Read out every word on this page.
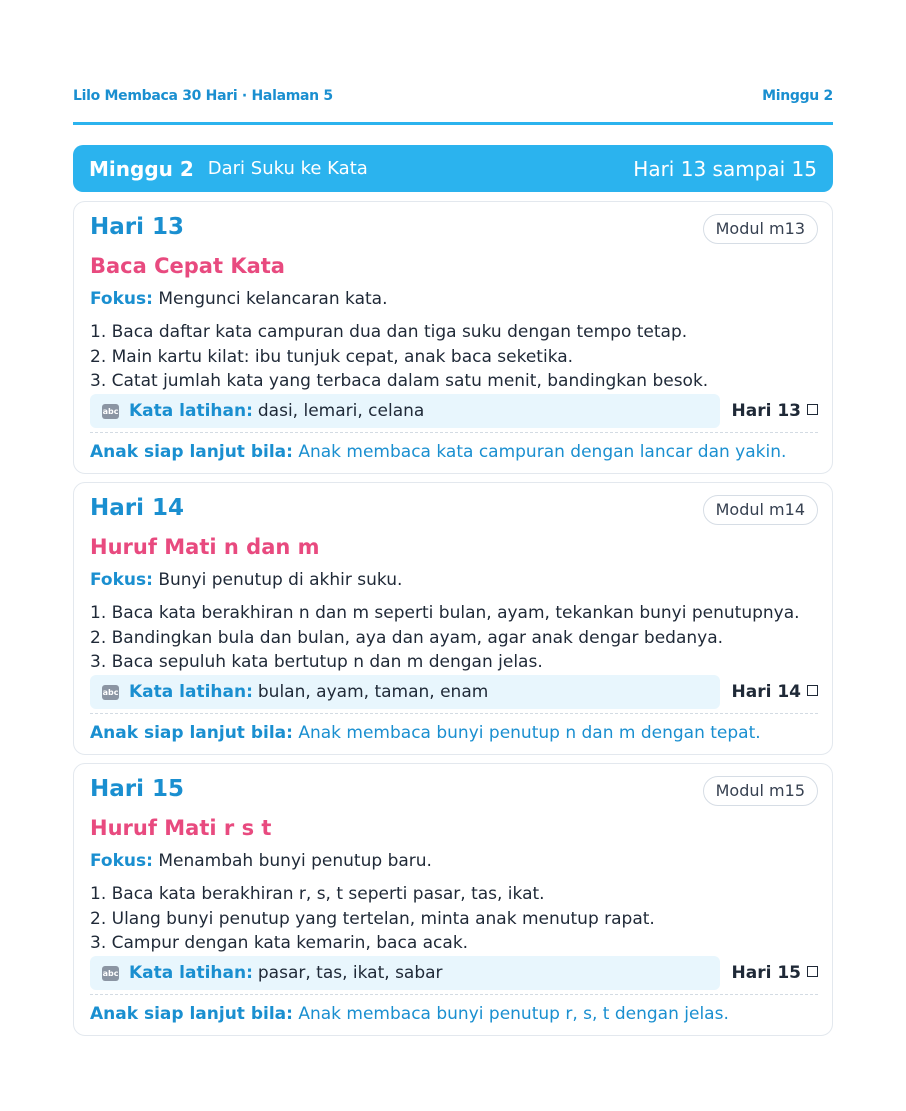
Lilo Membaca 30 Hari · Halaman 5	Minggu 2
Minggu 2 Dari Suku ke Kata	Hari 13 sampai 15
Hari 13	Modul m13
Baca Cepat Kata
Fokus: Mengunci kelancaran kata.
1. Baca daftar kata campuran dua dan tiga suku dengan tempo tetap.
2. Main kartu kilat: ibu tunjuk cepat, anak baca seketika.
3. Catat jumlah kata yang terbaca dalam satu menit, bandingkan besok.
abc Kata latihan: dasi, lemari, celana	Hari 13
Anak siap lanjut bila: Anak membaca kata campuran dengan lancar dan yakin.
Hari 14	Modul m14
Huruf Mati n dan m
Fokus: Bunyi penutup di akhir suku.
1. Baca kata berakhiran n dan m seperti bulan, ayam, tekankan bunyi penutupnya.
2. Bandingkan bula dan bulan, aya dan ayam, agar anak dengar bedanya.
3. Baca sepuluh kata bertutup n dan m dengan jelas.
abc Kata latihan: bulan, ayam, taman, enam	Hari 14
Anak siap lanjut bila: Anak membaca bunyi penutup n dan m dengan tepat.
Hari 15	Modul m15
Huruf Mati r s t
Fokus: Menambah bunyi penutup baru.
1. Baca kata berakhiran r, s, t seperti pasar, tas, ikat.
2. Ulang bunyi penutup yang tertelan, minta anak menutup rapat.
3. Campur dengan kata kemarin, baca acak.
abc Kata latihan: pasar, tas, ikat, sabar	Hari 15
Anak siap lanjut bila: Anak membaca bunyi penutup r, s, t dengan jelas.
